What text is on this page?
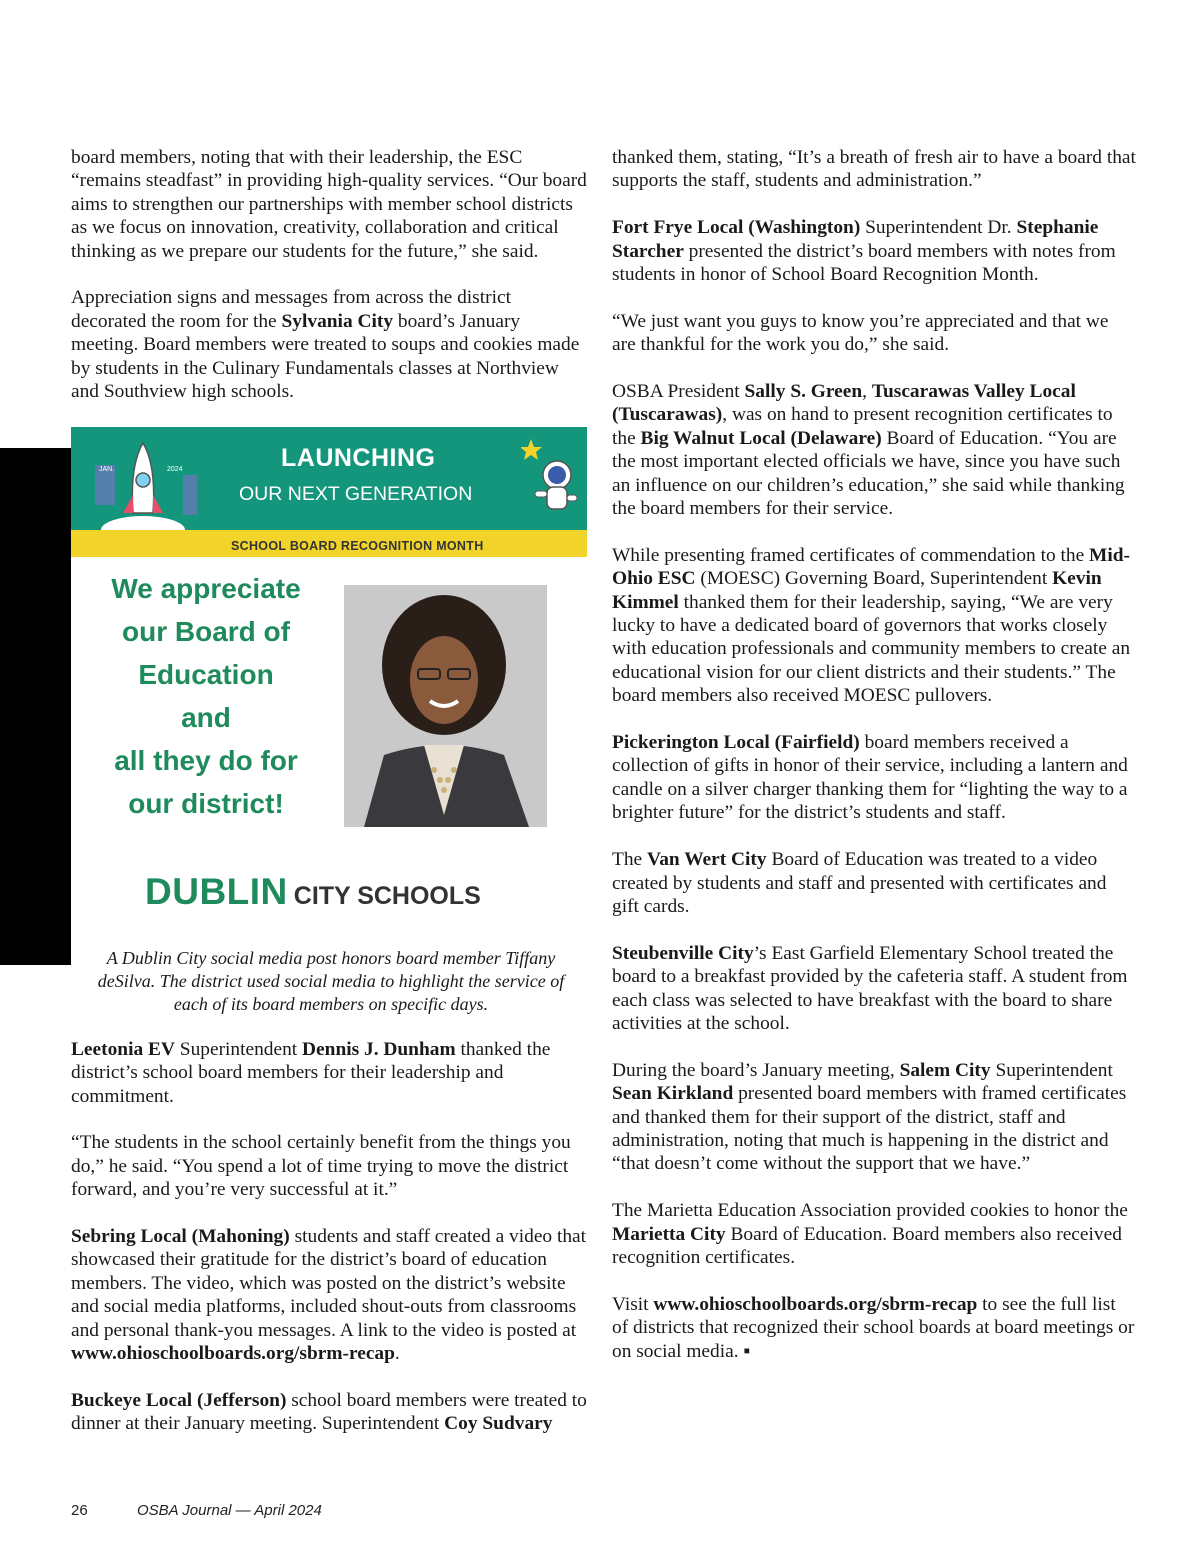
board members, noting that with their leadership, the ESC “remains steadfast” in providing high-quality services. “Our board aims to strengthen our partnerships with member school districts as we focus on innovation, creativity, collaboration and critical thinking as we prepare our students for the future,” she said.

Appreciation signs and messages from across the district decorated the room for the Sylvania City board’s January meeting. Board members were treated to soups and cookies made by students in the Culinary Fundamentals classes at Northview and Southview high schools.

JAN.	2024	LAUNCHING
OUR NEXT GENERATION
SCHOOL BOARD RECOGNITION MONTH
We appreciate
our Board of
Education
and
all they do for
our district!
DUBLIN CITY SCHOOLS

A Dublin City social media post honors board member Tiffany deSilva. The district used social media to highlight the service of each of its board members on specific days.

Leetonia EV Superintendent Dennis J. Dunham thanked the district’s school board members for their leadership and commitment.

“The students in the school certainly benefit from the things you do,” he said. “You spend a lot of time trying to move the district forward, and you’re very successful at it.”

Sebring Local (Mahoning) students and staff created a video that showcased their gratitude for the district’s board of education members. The video, which was posted on the district’s website and social media platforms, included shout-outs from classrooms and personal thank-you messages. A link to the video is posted at www.ohioschoolboards.org/sbrm-recap.

Buckeye Local (Jefferson) school board members were treated to dinner at their January meeting. Superintendent Coy Sudvary

thanked them, stating, “It’s a breath of fresh air to have a board that supports the staff, students and administration.”

Fort Frye Local (Washington) Superintendent Dr. Stephanie Starcher presented the district’s board members with notes from students in honor of School Board Recognition Month.

“We just want you guys to know you’re appreciated and that we are thankful for the work you do,” she said.

OSBA President Sally S. Green, Tuscarawas Valley Local (Tuscarawas), was on hand to present recognition certificates to the Big Walnut Local (Delaware) Board of Education. “You are the most important elected officials we have, since you have such an influence on our children’s education,” she said while thanking the board members for their service.

While presenting framed certificates of commendation to the Mid-Ohio ESC (MOESC) Governing Board, Superintendent Kevin Kimmel thanked them for their leadership, saying, “We are very lucky to have a dedicated board of governors that works closely with education professionals and community members to create an educational vision for our client districts and their students.” The board members also received MOESC pullovers.

Pickerington Local (Fairfield) board members received a collection of gifts in honor of their service, including a lantern and candle on a silver charger thanking them for “lighting the way to a brighter future” for the district’s students and staff.

The Van Wert City Board of Education was treated to a video created by students and staff and presented with certificates and gift cards.

Steubenville City’s East Garfield Elementary School treated the board to a breakfast provided by the cafeteria staff. A student from each class was selected to have breakfast with the board to share activities at the school.

During the board’s January meeting, Salem City Superintendent Sean Kirkland presented board members with framed certificates and thanked them for their support of the district, staff and administration, noting that much is happening in the district and “that doesn’t come without the support that we have.”

The Marietta Education Association provided cookies to honor the Marietta City Board of Education. Board members also received recognition certificates.

Visit www.ohioschoolboards.org/sbrm-recap to see the full list of districts that recognized their school boards at board meetings or on social media. ▪

26	OSBA Journal — April 2024
